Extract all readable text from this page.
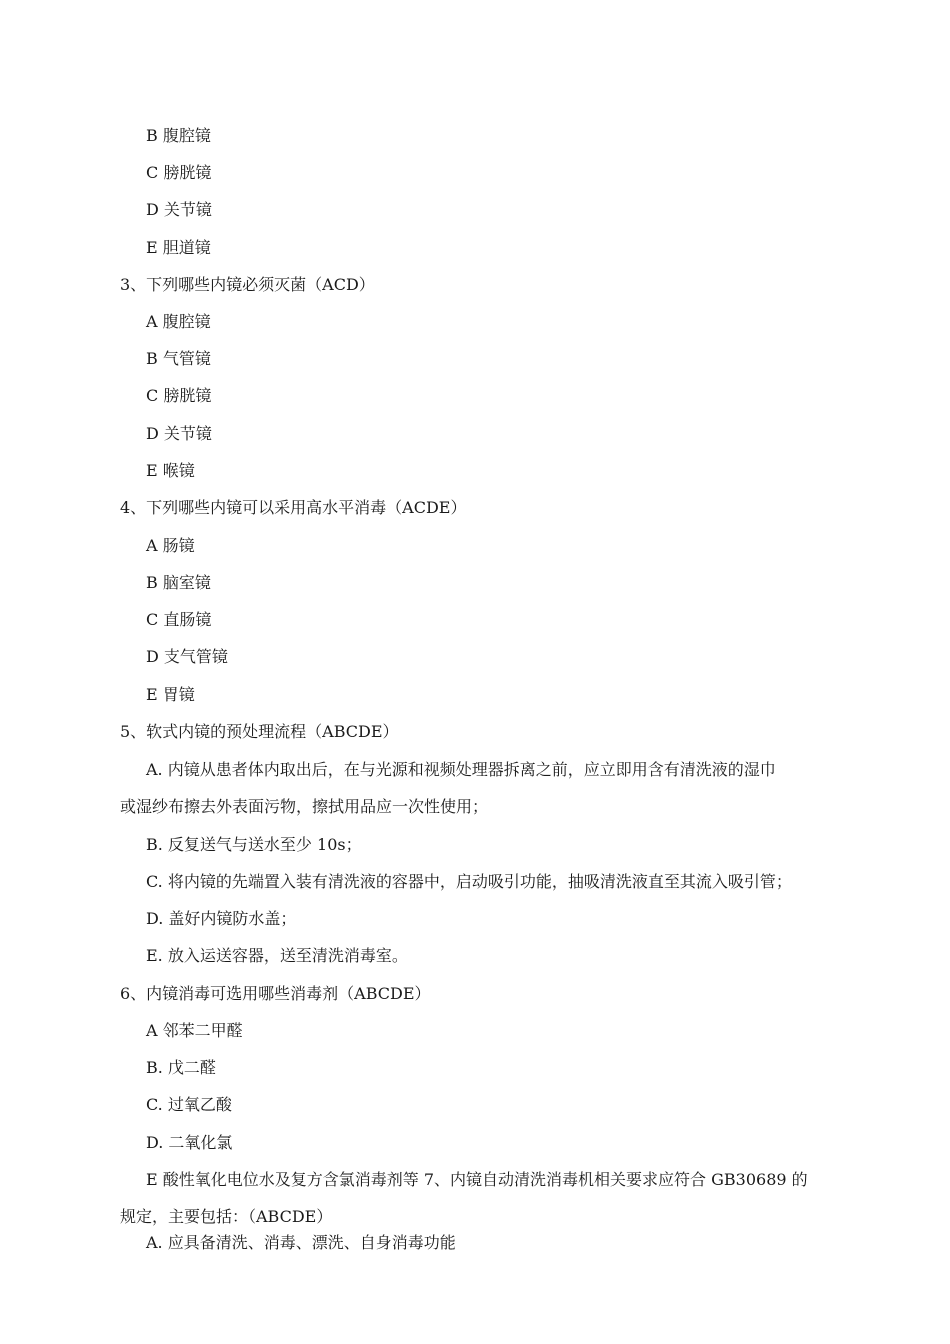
B 腹腔镜
C 膀胱镜
D 关节镜
E 胆道镜
3、下列哪些内镜必须灭菌（ACD）
A 腹腔镜
B 气管镜
C 膀胱镜
D 关节镜
E 喉镜
4、下列哪些内镜可以采用高水平消毒（ACDE）
A 肠镜
B 脑室镜
C 直肠镜
D 支气管镜
E 胃镜
5、软式内镜的预处理流程（ABCDE）
A. 内镜从患者体内取出后，在与光源和视频处理器拆离之前，应立即用含有清洗液的湿巾
或湿纱布擦去外表面污物，擦拭用品应一次性使用；
B. 反复送气与送水至少 10s；
C. 将内镜的先端置入装有清洗液的容器中，启动吸引功能，抽吸清洗液直至其流入吸引管；
D. 盖好内镜防水盖；
E. 放入运送容器，送至清洗消毒室。
6、内镜消毒可选用哪些消毒剂（ABCDE）
A 邻苯二甲醛
B. 戊二醛
C. 过氧乙酸
D. 二氧化氯
E 酸性氧化电位水及复方含氯消毒剂等 7、内镜自动清洗消毒机相关要求应符合 GB30689 的
规定，主要包括：（ABCDE）
A. 应具备清洗、消毒、漂洗、自身消毒功能
